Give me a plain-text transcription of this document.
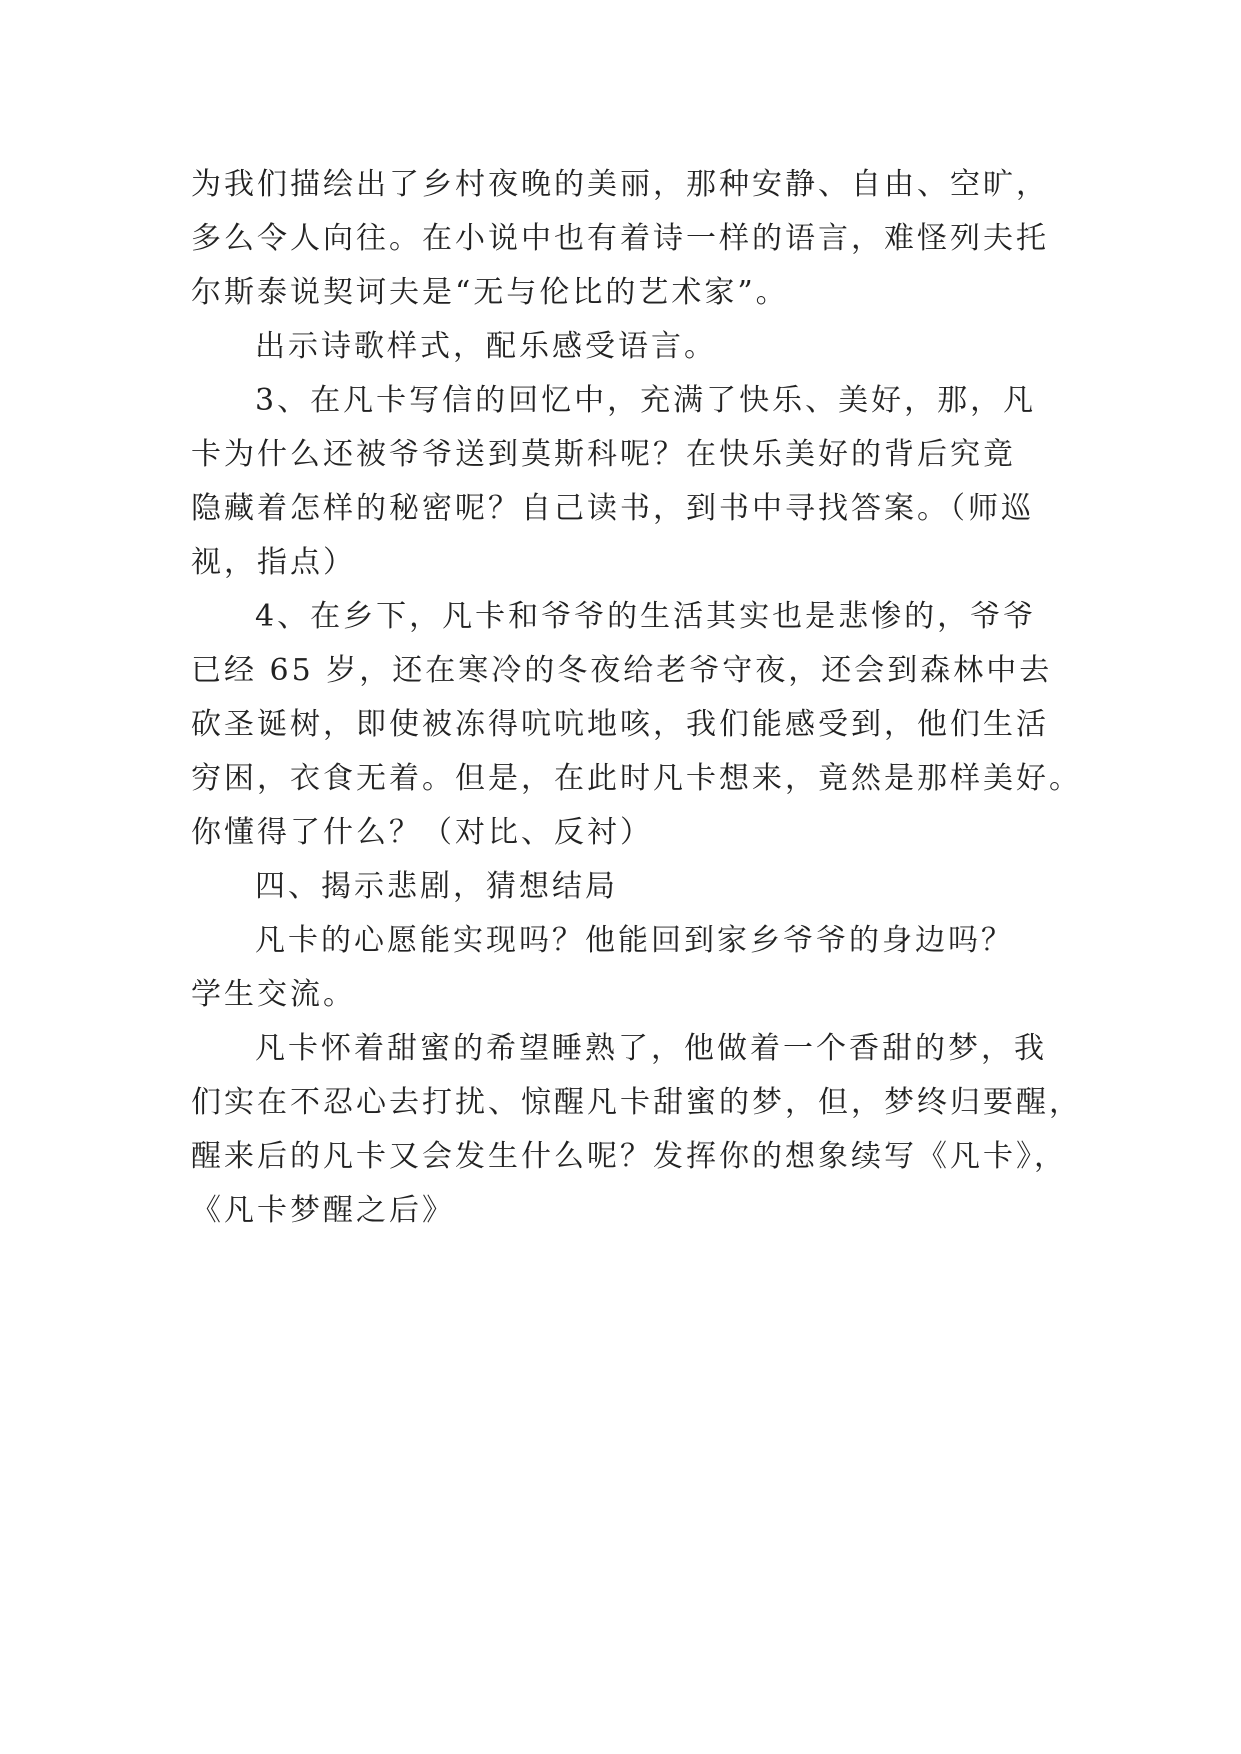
为我们描绘出了乡村夜晚的美丽，那种安静、自由、空旷，
多么令人向往。在小说中也有着诗一样的语言，难怪列夫托
尔斯泰说契诃夫是“无与伦比的艺术家”。
出示诗歌样式，配乐感受语言。
3、在凡卡写信的回忆中，充满了快乐、美好，那，凡
卡为什么还被爷爷送到莫斯科呢？在快乐美好的背后究竟
隐藏着怎样的秘密呢？自己读书，到书中寻找答案。（师巡
视，指点）
4、在乡下，凡卡和爷爷的生活其实也是悲惨的，爷爷
已经 65 岁，还在寒冷的冬夜给老爷守夜，还会到森林中去
砍圣诞树，即使被冻得吭吭地咳，我们能感受到，他们生活
穷困，衣食无着。但是，在此时凡卡想来，竟然是那样美好。
你懂得了什么？（对比、反衬）
四、揭示悲剧，猜想结局
凡卡的心愿能实现吗？他能回到家乡爷爷的身边吗？
学生交流。
凡卡怀着甜蜜的希望睡熟了，他做着一个香甜的梦，我
们实在不忍心去打扰、惊醒凡卡甜蜜的梦，但，梦终归要醒，
醒来后的凡卡又会发生什么呢？发挥你的想象续写《凡卡》，
《凡卡梦醒之后》
